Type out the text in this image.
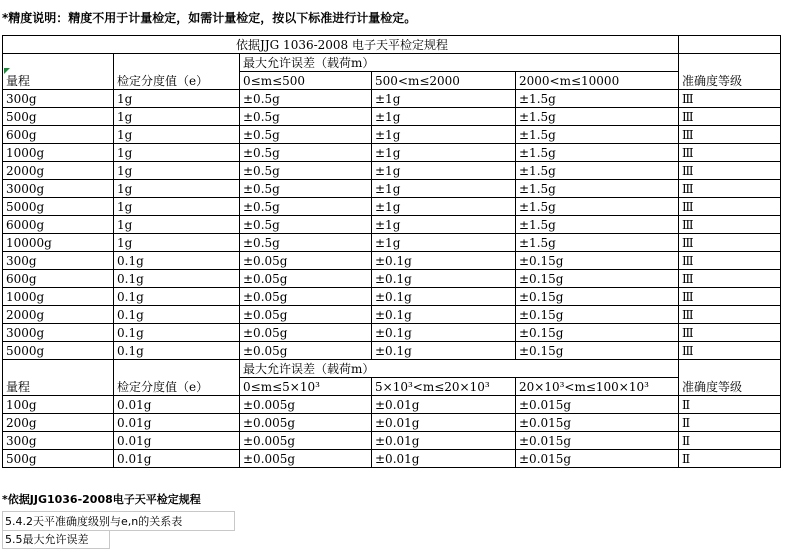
*精度说明：精度不用于计量检定，如需计量检定，按以下标准进行计量检定。
依据JJG 1036-2008 电子天平检定规程					
量程	检定分度值（e）	最大允许误差（载荷m）			准确度等级
		0≤m≤500	500<m≤2000	2000<m≤10000	
300g	1g	±0.5g	±1g	±1.5g	Ⅲ
500g	1g	±0.5g	±1g	±1.5g	Ⅲ
600g	1g	±0.5g	±1g	±1.5g	Ⅲ
1000g	1g	±0.5g	±1g	±1.5g	Ⅲ
2000g	1g	±0.5g	±1g	±1.5g	Ⅲ
3000g	1g	±0.5g	±1g	±1.5g	Ⅲ
5000g	1g	±0.5g	±1g	±1.5g	Ⅲ
6000g	1g	±0.5g	±1g	±1.5g	Ⅲ
10000g	1g	±0.5g	±1g	±1.5g	Ⅲ
300g	0.1g	±0.05g	±0.1g	±0.15g	Ⅲ
600g	0.1g	±0.05g	±0.1g	±0.15g	Ⅲ
1000g	0.1g	±0.05g	±0.1g	±0.15g	Ⅲ
2000g	0.1g	±0.05g	±0.1g	±0.15g	Ⅲ
3000g	0.1g	±0.05g	±0.1g	±0.15g	Ⅲ
5000g	0.1g	±0.05g	±0.1g	±0.15g	Ⅲ
量程	检定分度值（e）	最大允许误差（载荷m）			准确度等级
		0≤m≤5×10³	5×10³<m≤20×10³	20×10³<m≤100×10³	
100g	0.01g	±0.005g	±0.01g	±0.015g	Ⅱ
200g	0.01g	±0.005g	±0.01g	±0.015g	Ⅱ
300g	0.01g	±0.005g	±0.01g	±0.015g	Ⅱ
500g	0.01g	±0.005g	±0.01g	±0.015g	Ⅱ
*依据JJG1036-2008电子天平检定规程
5.4.2天平准确度级别与e,n的关系表
5.5最大允许误差
